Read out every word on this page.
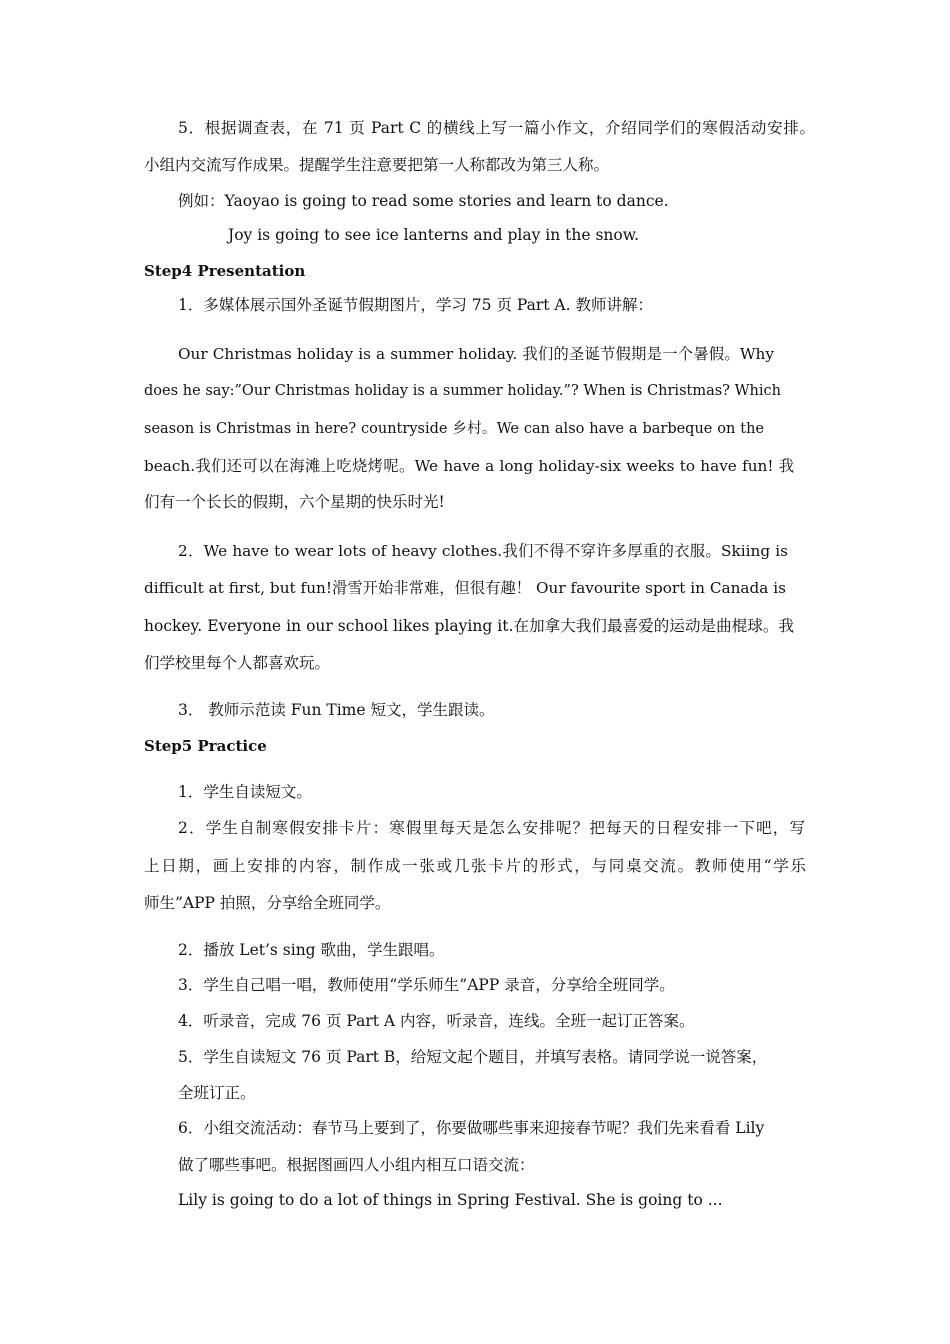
5．根据调查表，在 71 页 Part C 的横线上写一篇小作文，介绍同学们的寒假活动安排。
小组内交流写作成果。提醒学生注意要把第一人称都改为第三人称。
例如：Yaoyao is going to read some stories and learn to dance.
Joy is going to see ice lanterns and play in the snow.
Step4 Presentation
1．多媒体展示国外圣诞节假期图片，学习 75 页 Part A. 教师讲解：
Our Christmas holiday is a summer holiday. 我们的圣诞节假期是一个暑假。Why
does he say:”Our Christmas holiday is a summer holiday.”? When is Christmas? Which
season is Christmas in here? countryside 乡村。We can also have a barbeque on the
beach.我们还可以在海滩上吃烧烤呢。We have a long holiday-six weeks to have fun! 我
们有一个长长的假期，六个星期的快乐时光!
2．We have to wear lots of heavy clothes.我们不得不穿许多厚重的衣服。Skiing is
difficult at first, but fun!滑雪开始非常难，但很有趣！ Our favourite sport in Canada is
hockey. Everyone in our school likes playing it.在加拿大我们最喜爱的运动是曲棍球。我
们学校里每个人都喜欢玩。
3． 教师示范读 Fun Time 短文，学生跟读。
Step5 Practice
1．学生自读短文。
2．学生自制寒假安排卡片：寒假里每天是怎么安排呢？把每天的日程安排一下吧，写
上日期，画上安排的内容，制作成一张或几张卡片的形式，与同桌交流。教师使用“学乐
师生”APP 拍照，分享给全班同学。
2．播放 Let’s sing 歌曲，学生跟唱。
3．学生自己唱一唱，教师使用“学乐师生”APP 录音，分享给全班同学。
4．听录音，完成 76 页 Part A 内容，听录音，连线。全班一起订正答案。
5．学生自读短文 76 页 Part B，给短文起个题目，并填写表格。请同学说一说答案，
全班订正。
6．小组交流活动：春节马上要到了，你要做哪些事来迎接春节呢？我们先来看看 Lily
做了哪些事吧。根据图画四人小组内相互口语交流：
Lily is going to do a lot of things in Spring Festival. She is going to ...
